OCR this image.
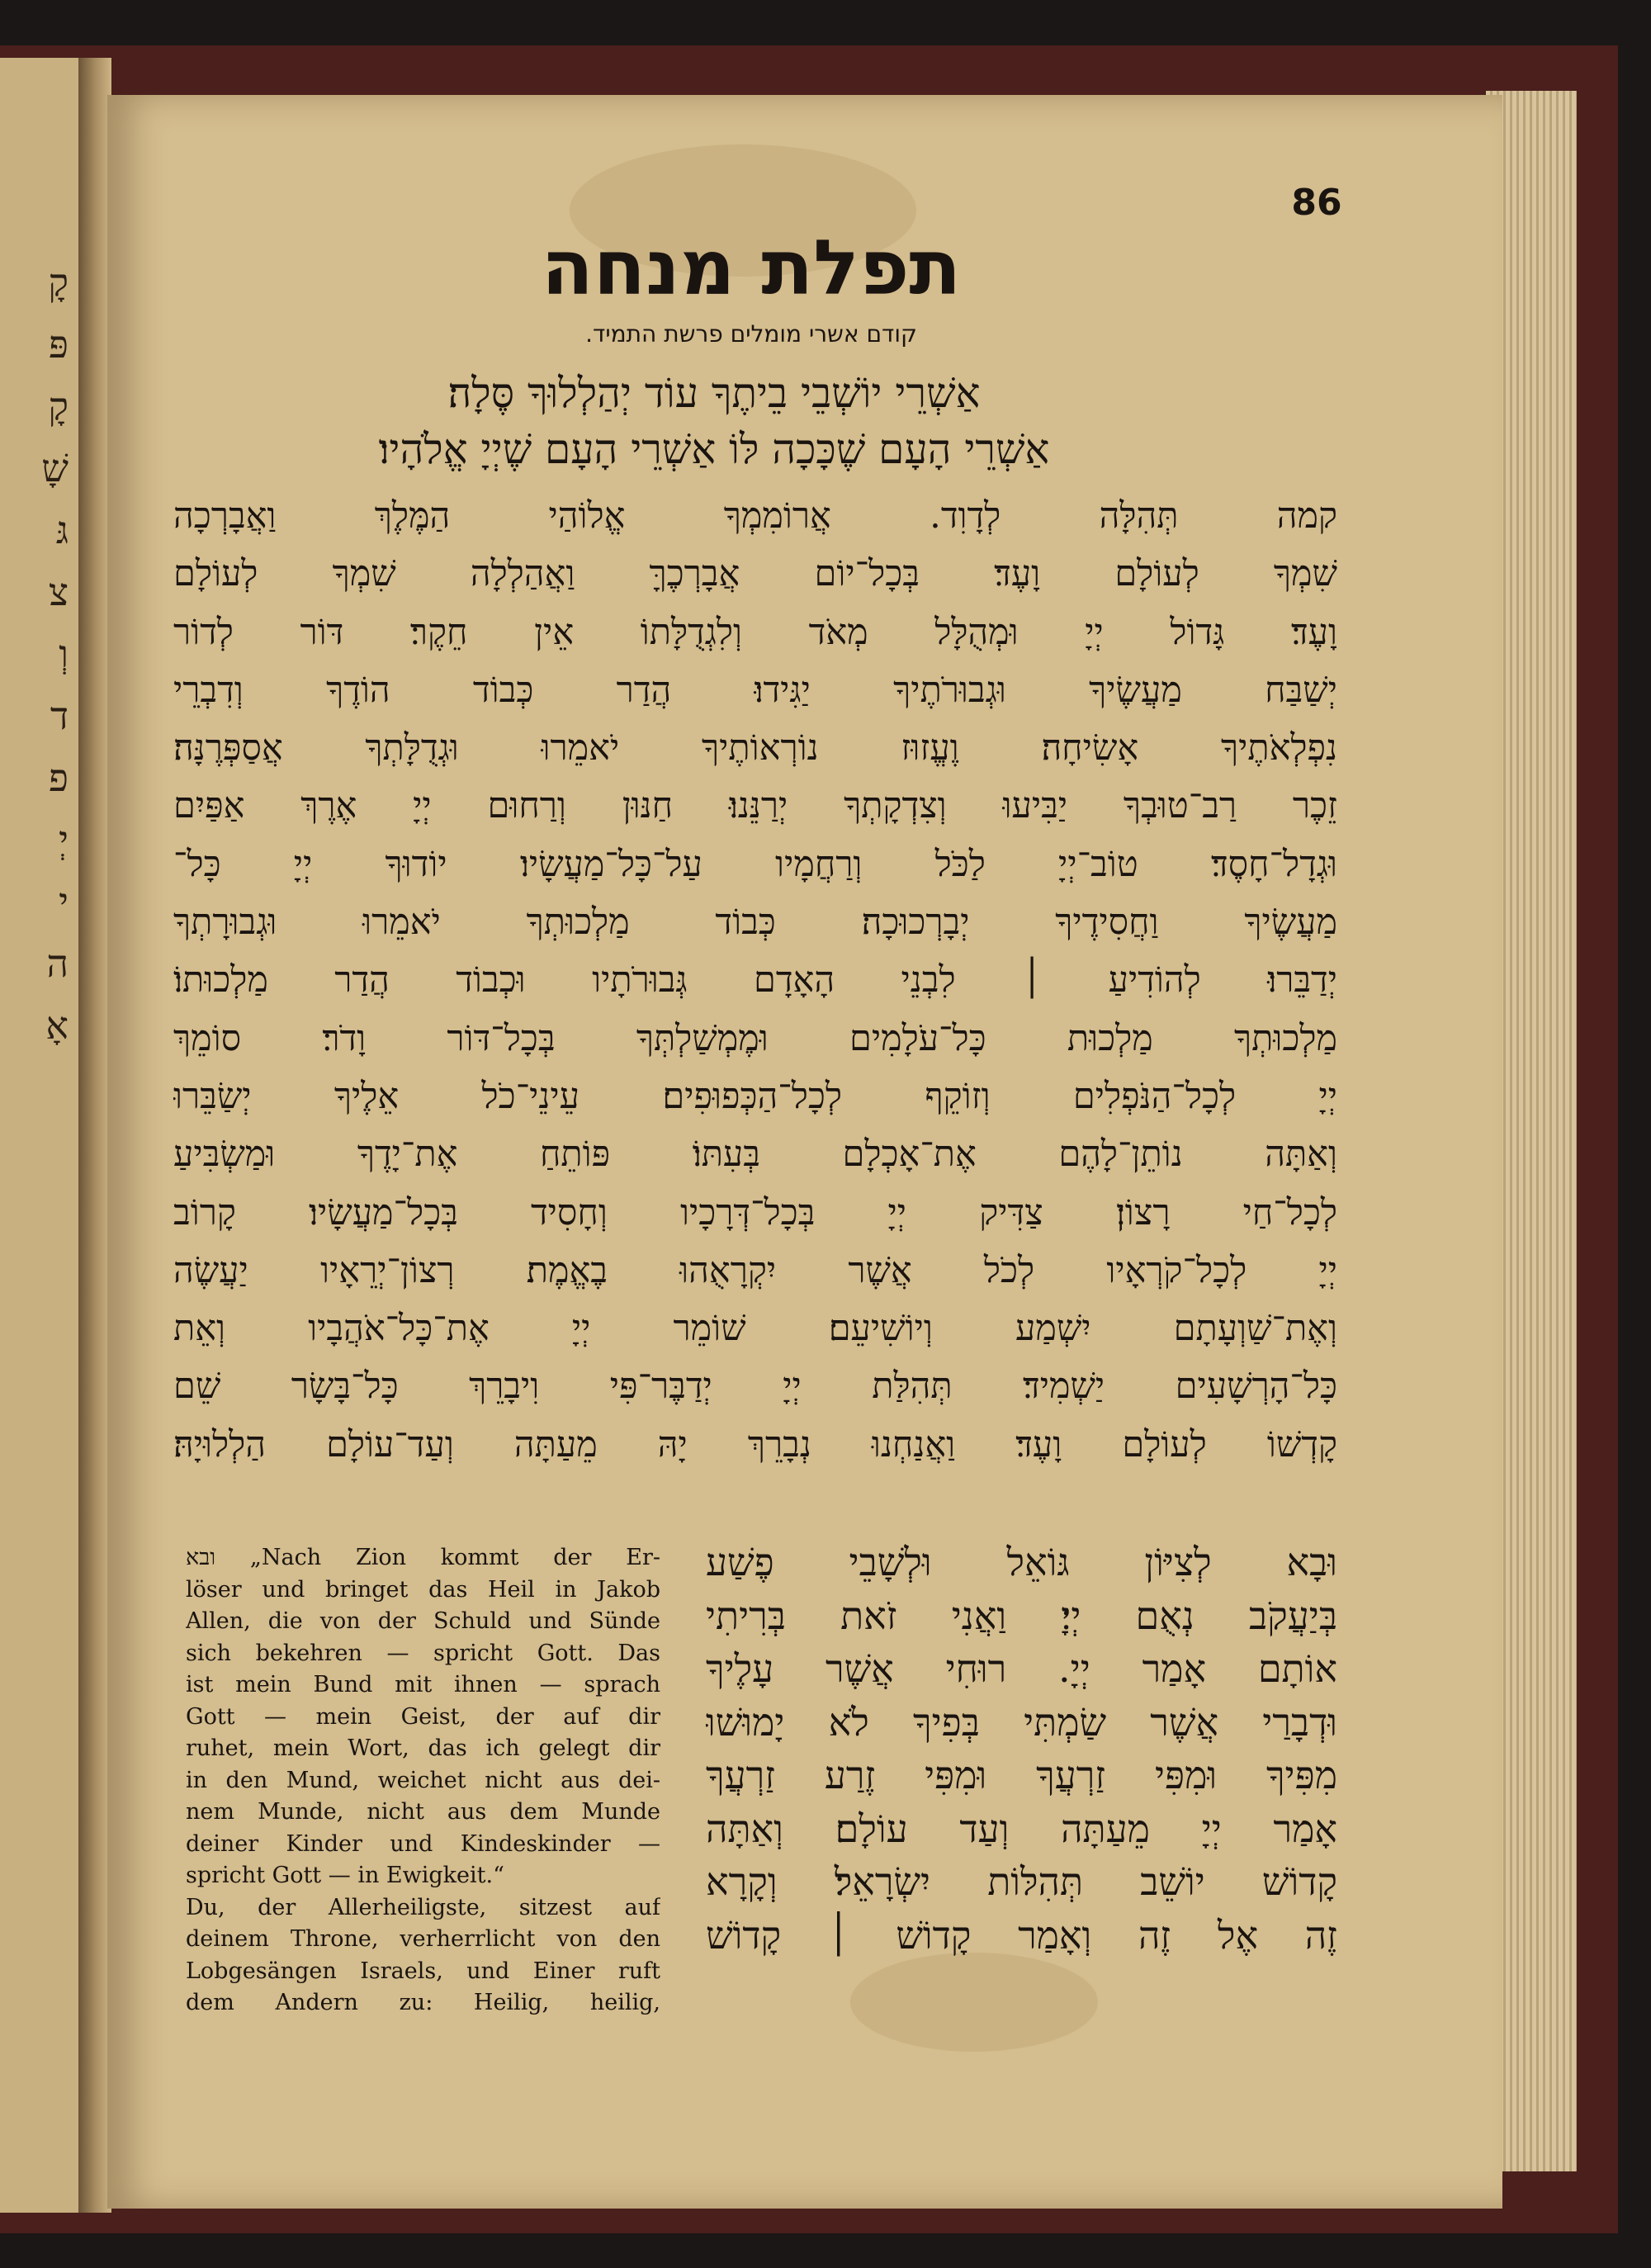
קָ
פּ
קָ
שָׁ
גּ
צ
וְ
ד
פ
יְ
י
ה
אָ
86
תפלת מנחה
קודם אשרי מומלים פרשת התמיד.
אַשְׁרֵי יוֹשְׁבֵי בֵיתֶךָ עוֹד יְהַלְלוּךָ סֶּלָה׃
אַשְׁרֵי הָעָם שֶׁכָּכָה לּוֹ אַשְׁרֵי הָעָם שֶׁיְיָ אֱלֹהָיו׃
קמה תְּהִלָּה לְדָוִד. אֲרוֹמִמְךָ אֱלוֹהַי הַמֶּלֶךְ וַאֲבָרְכָה
שִׁמְךָ לְעוֹלָם וָעֶד׃ בְּכָל־יוֹם אֲבָרְכֶךָּ וַאֲהַלְלָה שִׁמְךָ לְעוֹלָם
וָעֶד׃ גָּדוֹל יְיָ וּמְהֻלָּל מְאֹד וְלִגְדֻלָּתוֹ אֵין חֵקֶר׃ דּוֹר לְדוֹר
יְשַׁבַּח מַעֲשֶׂיךָ וּגְבוּרֹתֶיךָ יַגִּידוּ׃ הֲדַר כְּבוֹד הוֹדֶךָ וְדִבְרֵי
נִפְלְאֹתֶיךָ אָשִׂיחָה׃ וֶעֱזוּז נוֹרְאוֹתֶיךָ יֹאמֵרוּ וּגְדֻלָּתְךָ אֲסַפְּרֶנָּה׃
זֵכֶר רַב־טוּבְךָ יַבִּיעוּ וְצִדְקָתְךָ יְרַנֵּנוּ׃ חַנּוּן וְרַחוּם יְיָ אֶרֶךְ אַפַּיִם
וּגְדָל־חָסֶד׃ טוֹב־יְיָ לַכֹּל וְרַחֲמָיו עַל־כָּל־מַעֲשָׂיו׃ יוֹדוּךָ יְיָ כָּל־
מַעֲשֶׂיךָ וַחֲסִידֶיךָ יְבָרְכוּכָה׃ כְּבוֹד מַלְכוּתְךָ יֹאמֵרוּ וּגְבוּרָתְךָ
יְדַבֵּרוּ׃ לְהוֹדִיעַ ׀ לִבְנֵי הָאָדָם גְּבוּרֹתָיו וּכְבוֹד הֲדַר מַלְכוּתוֹ׃
מַלְכוּתְךָ מַלְכוּת כָּל־עֹלָמִים וּמֶמְשַׁלְתְּךָ בְּכָל־דּוֹר וָדֹר׃ סוֹמֵךְ
יְיָ לְכָל־הַנֹּפְלִים וְזוֹקֵף לְכָל־הַכְּפוּפִים׃ עֵינֵי־כֹל אֵלֶיךָ יְשַׂבֵּרוּ
וְאַתָּה נוֹתֵן־לָהֶם אֶת־אָכְלָם בְּעִתּוֹ׃ פּוֹתֵחַ אֶת־יָדֶךָ וּמַשְׂבִּיעַ
לְכָל־חַי רָצוֹן׃ צַדִּיק יְיָ בְּכָל־דְּרָכָיו וְחָסִיד בְּכָל־מַעֲשָׂיו׃ קָרוֹב
יְיָ לְכָל־קֹרְאָיו לְכֹל אֲשֶׁר יִקְרָאֻהוּ בֶאֱמֶת׃ רְצוֹן־יְרֵאָיו יַעֲשֶׂה
וְאֶת־שַׁוְעָתָם יִשְׁמַע וְיוֹשִׁיעֵם׃ שׁוֹמֵר יְיָ אֶת־כָּל־אֹהֲבָיו וְאֵת
כָּל־הָרְשָׁעִים יַשְׁמִיד׃ תְּהִלַּת יְיָ יְדַבֶּר־פִּי וִיבָרֵךְ כָּל־בָּשָׂר שֵׁם
קָדְשׁוֹ לְעוֹלָם וָעֶד׃ וַאֲנַחְנוּ נְבָרֵךְ יָהּ מֵעַתָּה וְעַד־עוֹלָם הַלְלוּיָהּ׃
ובא „Nach Zion kommt der Er-
löser und bringet das Heil in Jakob
Allen, die von der Schuld und Sünde
sich bekehren — spricht Gott. Das
ist mein Bund mit ihnen — sprach
Gott — mein Geist, der auf dir
ruhet, mein Wort, das ich gelegt dir
in den Mund, weichet nicht aus dei-
nem Munde, nicht aus dem Munde
deiner Kinder und Kindeskinder —
spricht Gott — in Ewigkeit.“
Du, der Allerheiligste, sitzest auf
deinem Throne, verherrlicht von den
Lobgesängen Israels, und Einer ruft
dem Andern zu: Heilig, heilig,
וּבָא לְצִיּוֹן גּוֹאֵל וּלְשָׁבֵי פֶשַׁע
בְּיַעֲקֹב נְאֻם יְיָ׃ וַאֲנִי זֹאת בְּרִיתִי
אוֹתָם אָמַר יְיָ. רוּחִי אֲשֶׁר עָלֶיךָ
וּדְבָרַי אֲשֶׁר שַׂמְתִּי בְּפִיךָ לֹא יָמוּשׁוּ
מִפִּיךָ וּמִפִּי זַרְעֲךָ וּמִפִּי זֶרַע זַרְעֲךָ
אָמַר יְיָ מֵעַתָּה וְעַד עוֹלָם׃ וְאַתָּה
קָדוֹשׁ יוֹשֵׁב תְּהִלּוֹת יִשְׂרָאֵל׃ וְקָרָא
זֶה אֶל זֶה וְאָמַר קָדוֹשׁ ׀ קָדוֹשׁ
